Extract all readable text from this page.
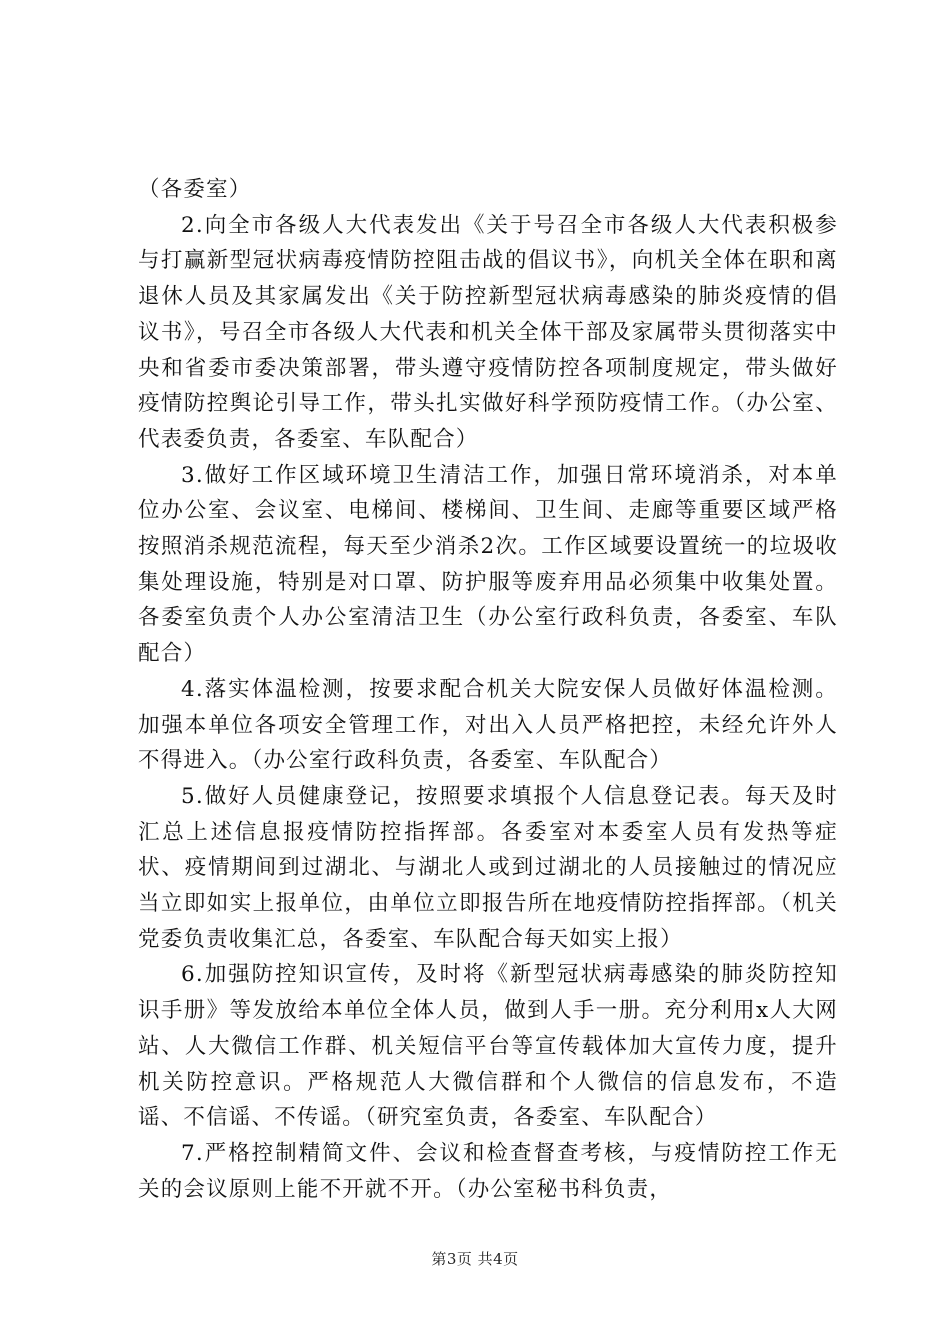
（各委室）

2.向全市各级人大代表发出《关于号召全市各级人大代表积极参与打赢新型冠状病毒疫情防控阻击战的倡议书》，向机关全体在职和离退休人员及其家属发出《关于防控新型冠状病毒感染的肺炎疫情的倡议书》，号召全市各级人大代表和机关全体干部及家属带头贯彻落实中央和省委市委决策部署，带头遵守疫情防控各项制度规定，带头做好疫情防控舆论引导工作，带头扎实做好科学预防疫情工作。（办公室、代表委负责，各委室、车队配合）

3.做好工作区域环境卫生清洁工作，加强日常环境消杀，对本单位办公室、会议室、电梯间、楼梯间、卫生间、走廊等重要区域严格按照消杀规范流程，每天至少消杀2次。工作区域要设置统一的垃圾收集处理设施，特别是对口罩、防护服等废弃用品必须集中收集处置。各委室负责个人办公室清洁卫生（办公室行政科负责，各委室、车队配合）

4.落实体温检测，按要求配合机关大院安保人员做好体温检测。加强本单位各项安全管理工作，对出入人员严格把控，未经允许外人不得进入。（办公室行政科负责，各委室、车队配合）

5.做好人员健康登记，按照要求填报个人信息登记表。每天及时汇总上述信息报疫情防控指挥部。各委室对本委室人员有发热等症状、疫情期间到过湖北、与湖北人或到过湖北的人员接触过的情况应当立即如实上报单位，由单位立即报告所在地疫情防控指挥部。（机关党委负责收集汇总，各委室、车队配合每天如实上报）

6.加强防控知识宣传，及时将《新型冠状病毒感染的肺炎防控知识手册》等发放给本单位全体人员，做到人手一册。充分利用x人大网站、人大微信工作群、机关短信平台等宣传载体加大宣传力度，提升机关防控意识。严格规范人大微信群和个人微信的信息发布，不造谣、不信谣、不传谣。（研究室负责，各委室、车队配合）

7.严格控制精简文件、会议和检查督查考核，与疫情防控工作无关的会议原则上能不开就不开。（办公室秘书科负责，

第3页 共4页
